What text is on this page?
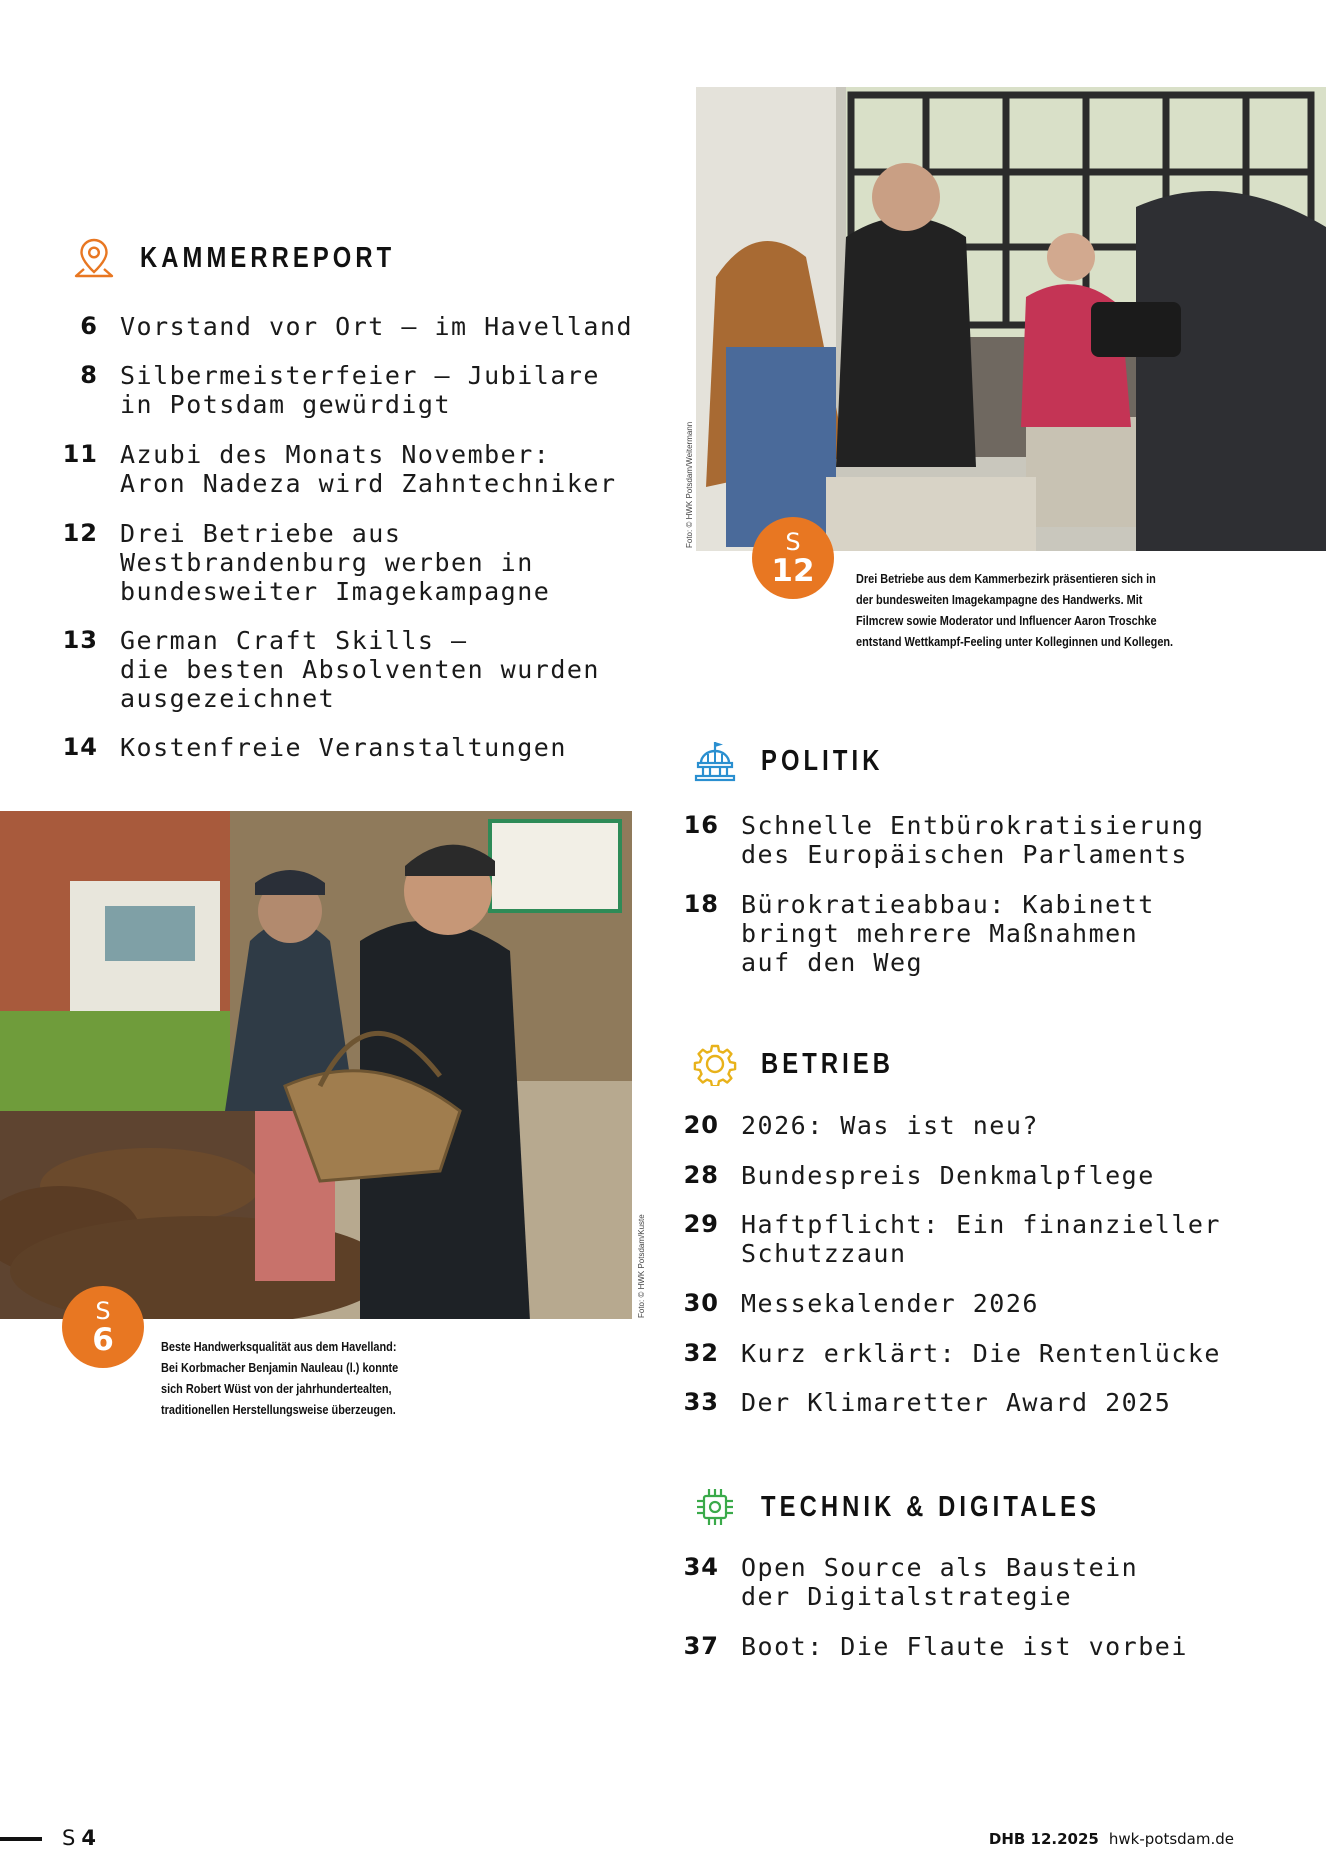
KAMMERREPORT
6 Vorstand vor Ort – im Havelland
8 Silbermeisterfeier – Jubilare
in Potsdam gewürdigt
11 Azubi des Monats November:
Aron Nadeza wird Zahntechniker
12 Drei Betriebe aus
Westbrandenburg werben in
bundesweiter Imagekampagne
13 German Craft Skills –
die besten Absolventen wurden
ausgezeichnet
14 Kostenfreie Veranstaltungen
Foto: © HWK Potsdam/Weitermann	S
12	Drei Betriebe aus dem Kammerbezirk präsentieren sich in
der bundesweiten Imagekampagne des Handwerks. Mit
Filmcrew sowie Moderator und Influencer Aaron Troschke
entstand Wettkampf-Feeling unter Kolleginnen und Kollegen.
POLITIK
16 Schnelle Entbürokratisierung
des Europäischen Parlaments
18 Bürokratieabbau: Kabinett
bringt mehrere Maßnahmen
auf den Weg
Foto: © HWK Potsdam/Kuste
S
6	Beste Handwerksqualität aus dem Havelland:
Bei Korbmacher Benjamin Nauleau (l.) konnte
sich Robert Wüst von der jahrhundertealten,
traditionellen Herstellungsweise überzeugen.
BETRIEB
20 2026: Was ist neu?
28 Bundespreis Denkmalpflege
29 Haftpflicht: Ein finanzieller
Schutzzaun
30 Messekalender 2026
32 Kurz erklärt: Die Rentenlücke
33 Der Klimaretter Award 2025
TECHNIK & DIGITALES
34 Open Source als Baustein
der Digitalstrategie
37 Boot: Die Flaute ist vorbei
S 4	DHB 12.2025 hwk-potsdam.de
